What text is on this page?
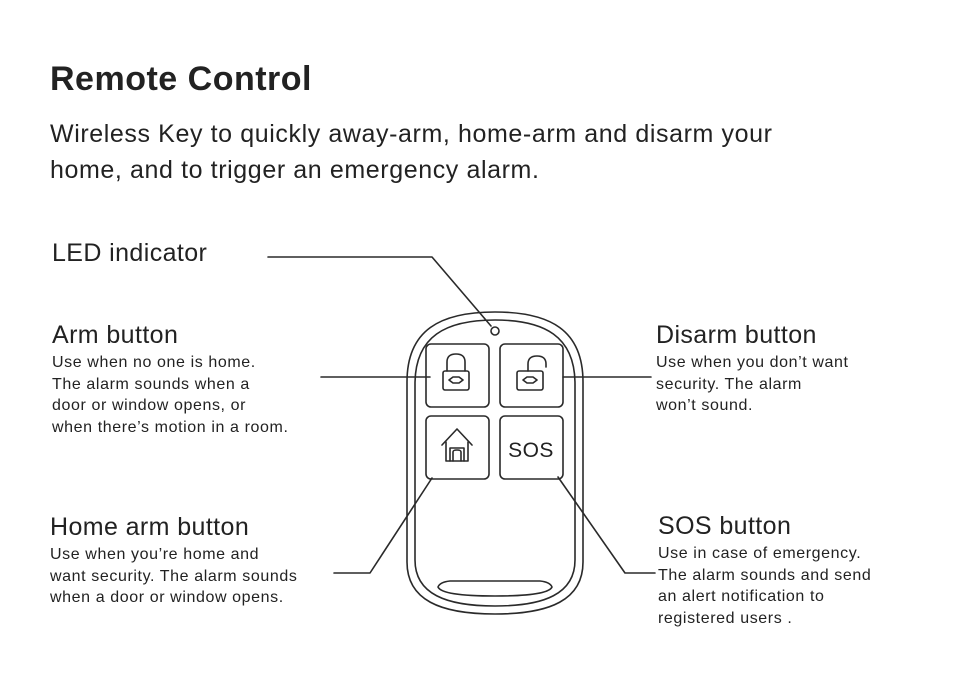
Remote Control
Wireless Key to quickly away-arm, home-arm and disarm your
home, and to trigger an emergency alarm.
SOS
LED indicator
Arm button
Use when no one is home.
The alarm sounds when a
door or window opens, or
when there’s motion in a room.
Disarm button
Use when you don’t want
security. The alarm
won’t sound.
Home arm button
Use when you’re home and
want security. The alarm sounds
when a door or window opens.
SOS button
Use in case of emergency.
The alarm sounds and send
an alert notification to
registered users .
